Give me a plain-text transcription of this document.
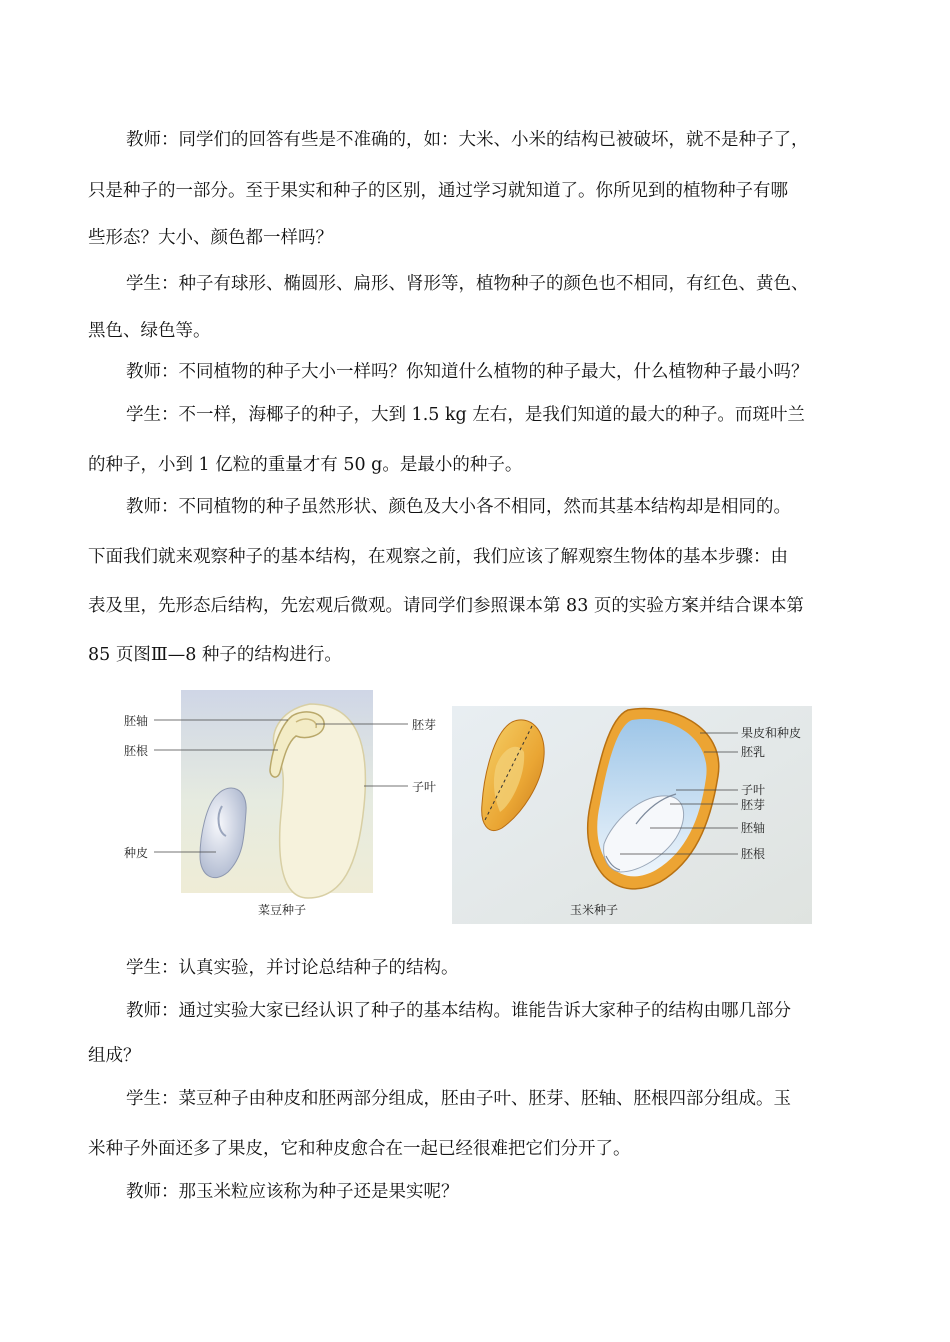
教师：同学们的回答有些是不准确的，如：大米、小米的结构已被破坏，就不是种子了，
只是种子的一部分。至于果实和种子的区别，通过学习就知道了。你所见到的植物种子有哪
些形态？大小、颜色都一样吗？
学生：种子有球形、椭圆形、扁形、肾形等，植物种子的颜色也不相同，有红色、黄色、
黑色、绿色等。
教师：不同植物的种子大小一样吗？你知道什么植物的种子最大，什么植物种子最小吗？
学生：不一样，海椰子的种子，大到 1.5 kg 左右，是我们知道的最大的种子。而斑叶兰
的种子，小到 1 亿粒的重量才有 50 g。是最小的种子。
教师：不同植物的种子虽然形状、颜色及大小各不相同，然而其基本结构却是相同的。
下面我们就来观察种子的基本结构，在观察之前，我们应该了解观察生物体的基本步骤：由
表及里，先形态后结构，先宏观后微观。请同学们参照课本第 83 页的实验方案并结合课本第
85 页图Ⅲ—8 种子的结构进行。
胚轴
胚根
种皮
胚芽
子叶
菜豆种子
果皮和种皮
胚乳
子叶
胚芽
胚轴
胚根
玉米种子
学生：认真实验，并讨论总结种子的结构。
教师：通过实验大家已经认识了种子的基本结构。谁能告诉大家种子的结构由哪几部分
组成？
学生：菜豆种子由种皮和胚两部分组成，胚由子叶、胚芽、胚轴、胚根四部分组成。玉
米种子外面还多了果皮，它和种皮愈合在一起已经很难把它们分开了。
教师：那玉米粒应该称为种子还是果实呢？
